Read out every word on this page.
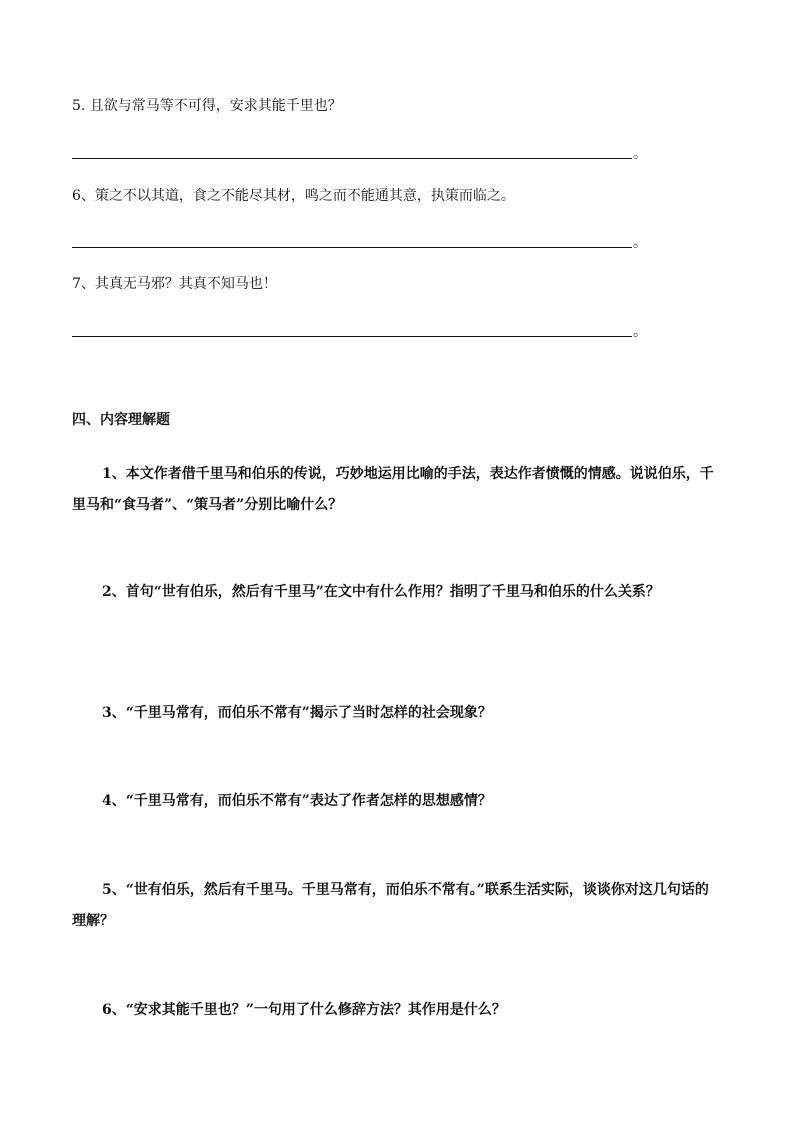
5. 且欲与常马等不可得，安求其能千里也？
。
6、策之不以其道，食之不能尽其材，鸣之而不能通其意，执策而临之。
。
7、其真无马邪？其真不知马也！
。
四、内容理解题
1、本文作者借千里马和伯乐的传说，巧妙地运用比喻的手法，表达作者愤慨的情感。说说伯乐，千里马和“食马者”、“策马者”分别比喻什么？
2、首句“世有伯乐，然后有千里马”在文中有什么作用？指明了千里马和伯乐的什么关系？
3、“千里马常有，而伯乐不常有”揭示了当时怎样的社会现象？
4、“千里马常有，而伯乐不常有”表达了作者怎样的思想感情？
5、“世有伯乐，然后有千里马。千里马常有，而伯乐不常有。”联系生活实际，谈谈你对这几句话的理解？
6、“安求其能千里也？”一句用了什么修辞方法？其作用是什么？
